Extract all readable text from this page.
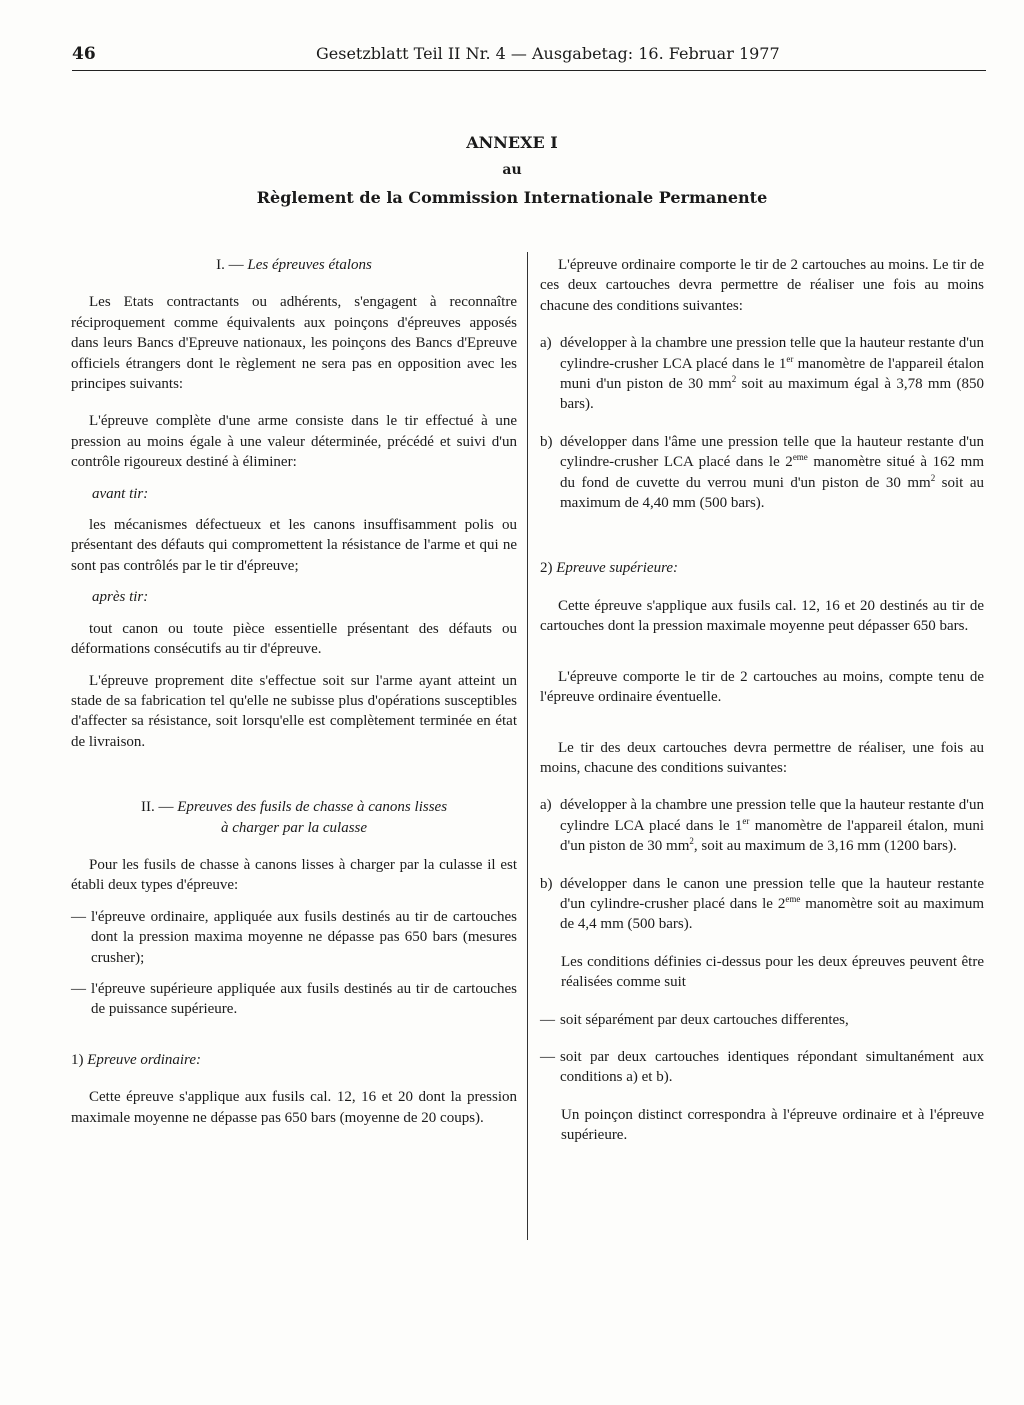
46	Gesetzblatt Teil II Nr. 4 — Ausgabetag: 16. Februar 1977
ANNEXE I
au
Règlement de la Commission Internationale Permanente

I. — Les épreuves étalons

Les Etats contractants ou adhérents, s'engagent à reconnaître réciproquement comme équivalents aux poinçons d'épreuves apposés dans leurs Bancs d'Epreuve nationaux, les poinçons des Bancs d'Epreuve officiels étrangers dont le règlement ne sera pas en opposition avec les principes suivants:

L'épreuve complète d'une arme consiste dans le tir effectué à une pression au moins égale à une valeur déterminée, précédé et suivi d'un contrôle rigoureux destiné à éliminer:

avant tir:

les mécanismes défectueux et les canons insuffisamment polis ou présentant des défauts qui compromettent la résistance de l'arme et qui ne sont pas contrôlés par le tir d'épreuve;

après tir:

tout canon ou toute pièce essentielle présentant des défauts ou déformations consécutifs au tir d'épreuve.

L'épreuve proprement dite s'effectue soit sur l'arme ayant atteint un stade de sa fabrication tel qu'elle ne subisse plus d'opérations susceptibles d'affecter sa résistance, soit lorsqu'elle est complètement terminée en état de livraison.

II. — Epreuves des fusils de chasse à canons lisses

à charger par la culasse

Pour les fusils de chasse à canons lisses à charger par la culasse il est établi deux types d'épreuve:

— l'épreuve ordinaire, appliquée aux fusils destinés au tir de cartouches dont la pression maxima moyenne ne dépasse pas 650 bars (mesures crusher);
— l'épreuve supérieure appliquée aux fusils destinés au tir de cartouches de puissance supérieure.

1) Epreuve ordinaire:

Cette épreuve s'applique aux fusils cal. 12, 16 et 20 dont la pression maximale moyenne ne dépasse pas 650 bars (moyenne de 20 coups).

L'épreuve ordinaire comporte le tir de 2 cartouches au moins. Le tir de ces deux cartouches devra permettre de réaliser une fois au moins chacune des conditions suivantes:

a) développer à la chambre une pression telle que la hauteur restante d'un cylindre-crusher LCA placé dans le 1er manomètre de l'appareil étalon muni d'un piston de 30 $mm^2$ soit au maximum égal à 3,78 mm (850 bars).
b) développer dans l'âme une pression telle que la hauteur restante d'un cylindre-crusher LCA placé dans le 2eme manomètre situé à 162 mm du fond de cuvette du verrou muni d'un piston de 30 $mm^2$ soit au maximum de 4,40 mm (500 bars).

2) Epreuve supérieure:

Cette épreuve s'applique aux fusils cal. 12, 16 et 20 destinés au tir de cartouches dont la pression maximale moyenne peut dépasser 650 bars.

L'épreuve comporte le tir de 2 cartouches au moins, compte tenu de l'épreuve ordinaire éventuelle.

Le tir des deux cartouches devra permettre de réaliser, une fois au moins, chacune des conditions suivantes:

a) développer à la chambre une pression telle que la hauteur restante d'un cylindre LCA placé dans le 1er manomètre de l'appareil étalon, muni d'un piston de 30 $mm^2$, soit au maximum de 3,16 mm (1200 bars).
b) développer dans le canon une pression telle que la hauteur restante d'un cylindre-crusher placé dans le 2eme manomètre soit au maximum de 4,4 mm (500 bars).

Les conditions définies ci-dessus pour les deux épreuves peuvent être réalisées comme suit

— soit séparément par deux cartouches differentes,
— soit par deux cartouches identiques répondant simultanément aux conditions a) et b).

Un poinçon distinct correspondra à l'épreuve ordinaire et à l'épreuve supérieure.
